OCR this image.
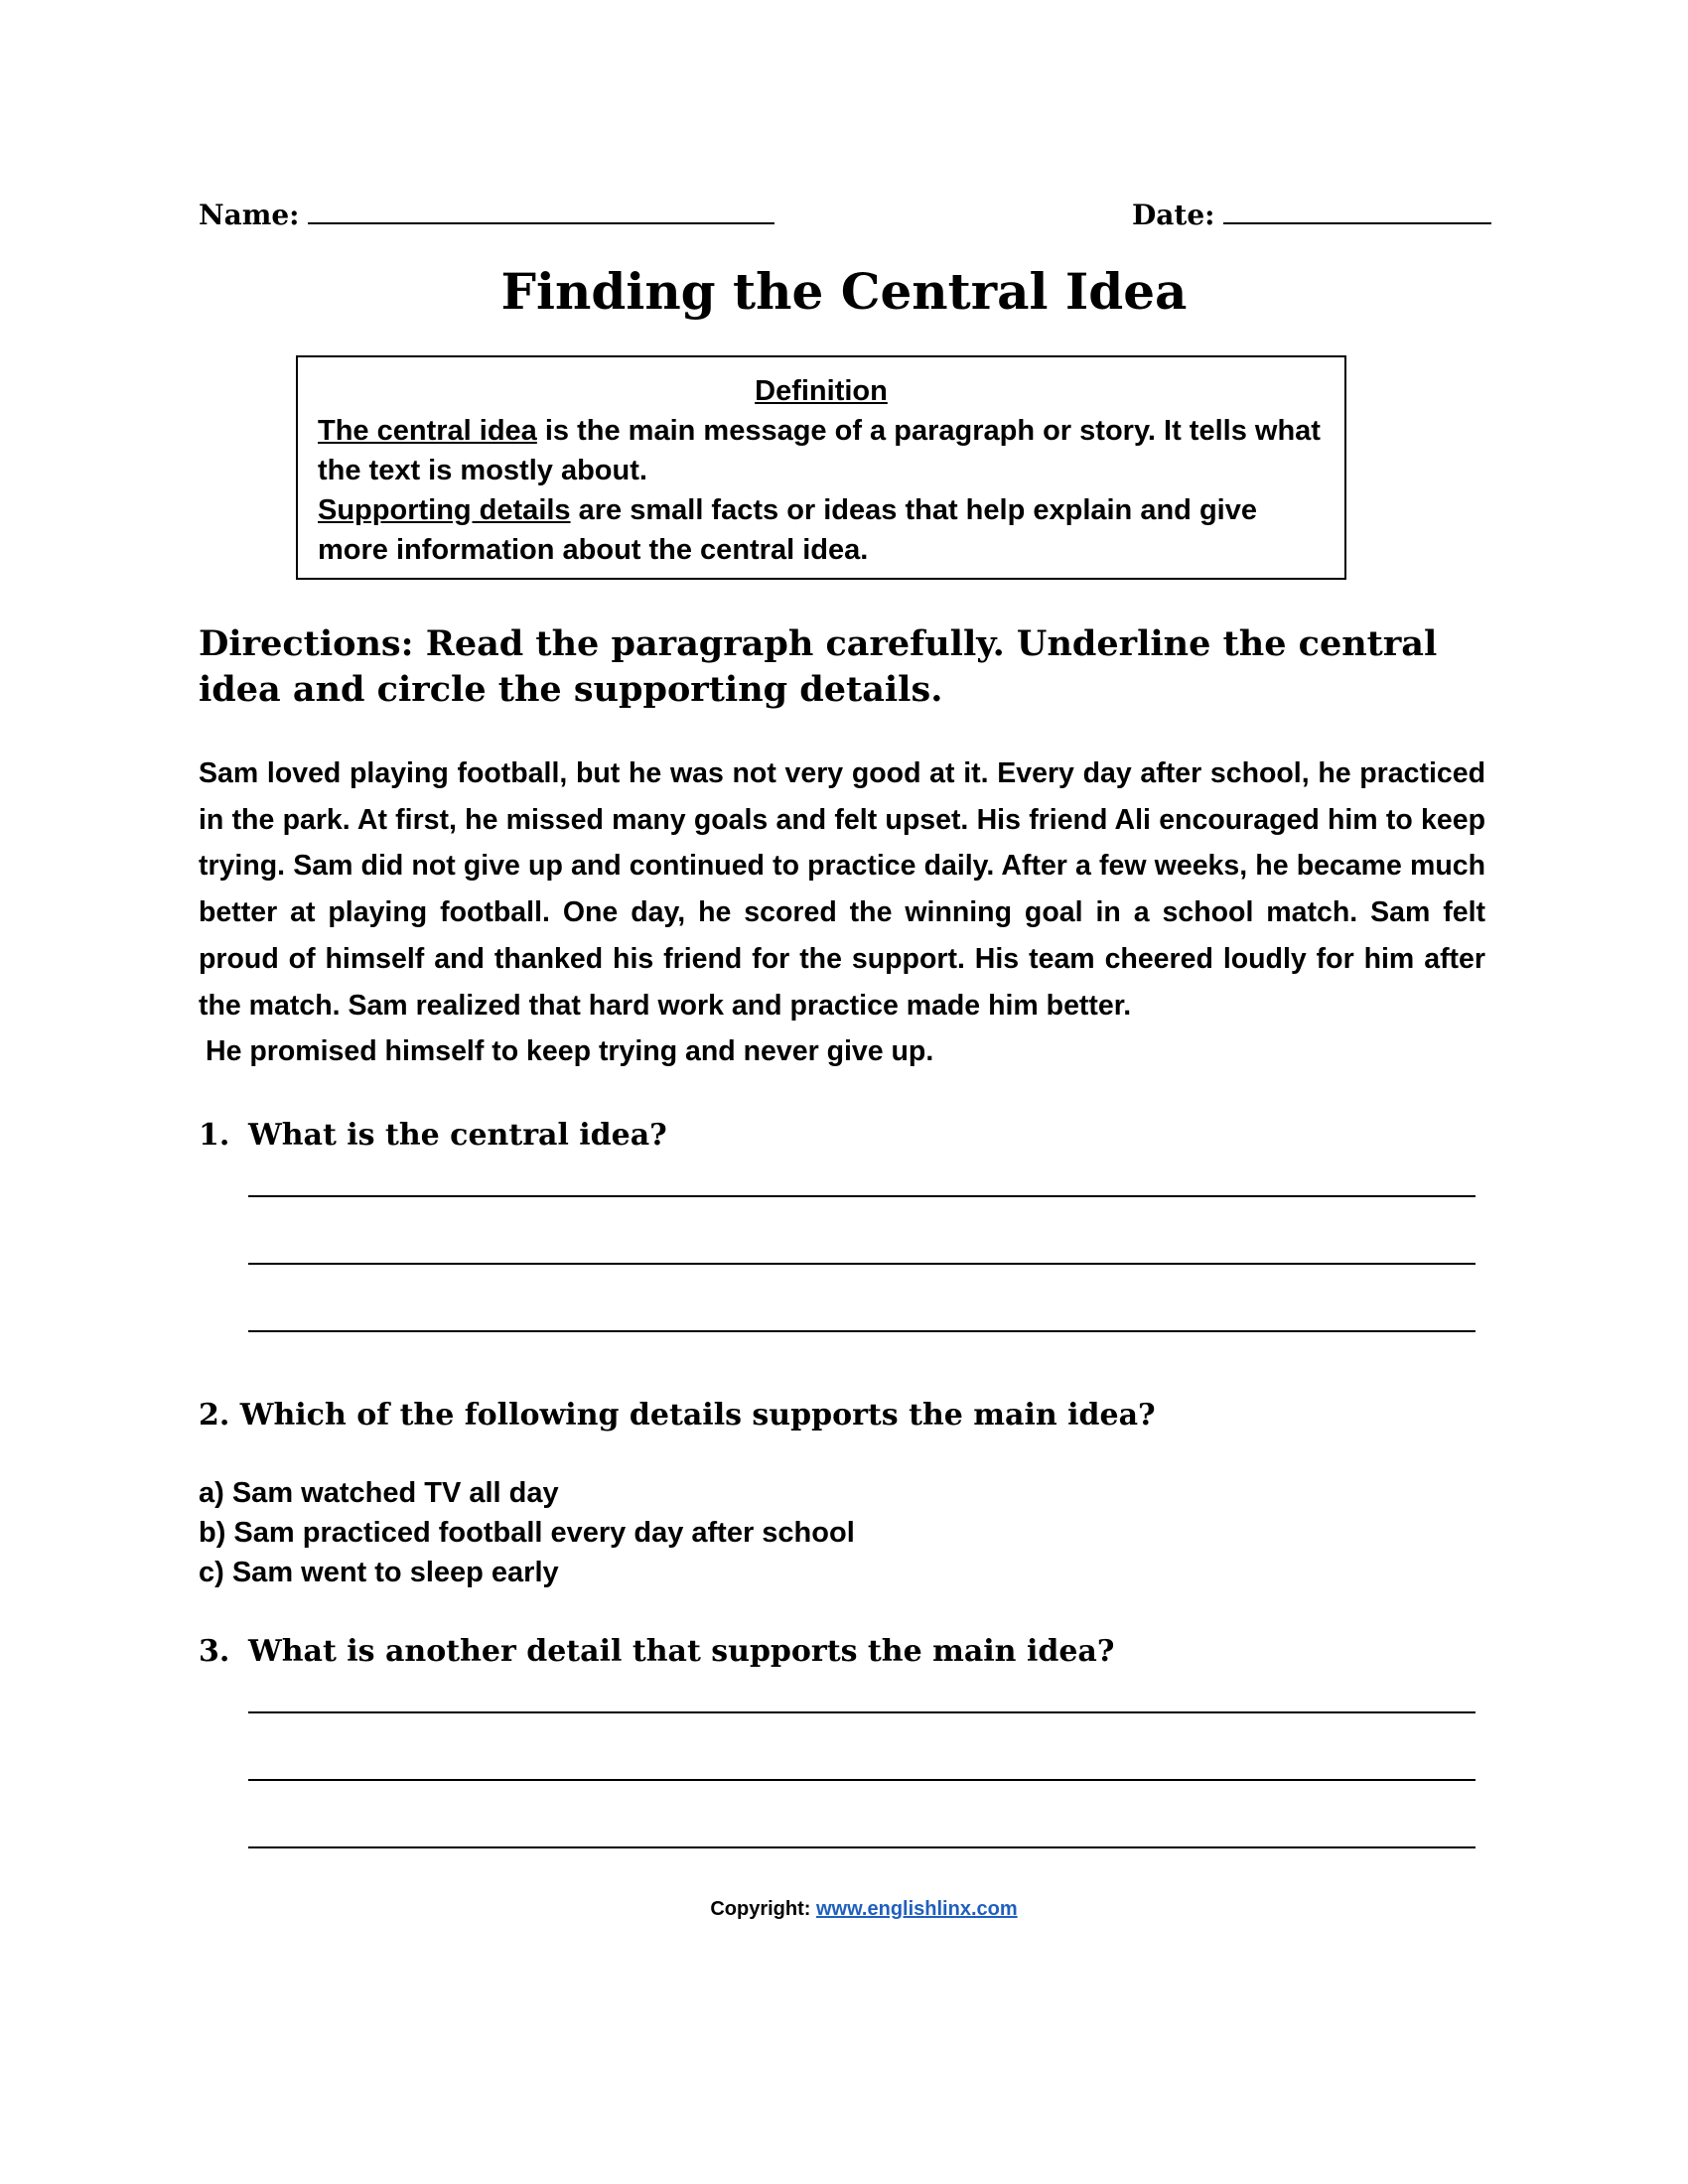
Name:	Date:
Finding the Central Idea
Definition
The central idea is the main message of a paragraph or story. It tells what the text is mostly about.
Supporting details are small facts or ideas that help explain and give more information about the central idea.
Directions: Read the paragraph carefully. Underline the central idea and circle the supporting details.
Sam loved playing football, but he was not very good at it. Every day after school, he practiced in the park. At first, he missed many goals and felt upset. His friend Ali encouraged him to keep trying. Sam did not give up and continued to practice daily. After a few weeks, he became much better at playing football. One day, he scored the winning goal in a school match. Sam felt proud of himself and thanked his friend for the support. His team cheered loudly for him after the match. Sam realized that hard work and practice made him better.
He promised himself to keep trying and never give up.
1. What is the central idea?
2. Which of the following details supports the main idea?
a) Sam watched TV all day
b) Sam practiced football every day after school
c) Sam went to sleep early
3. What is another detail that supports the main idea?
Copyright: www.englishlinx.com
